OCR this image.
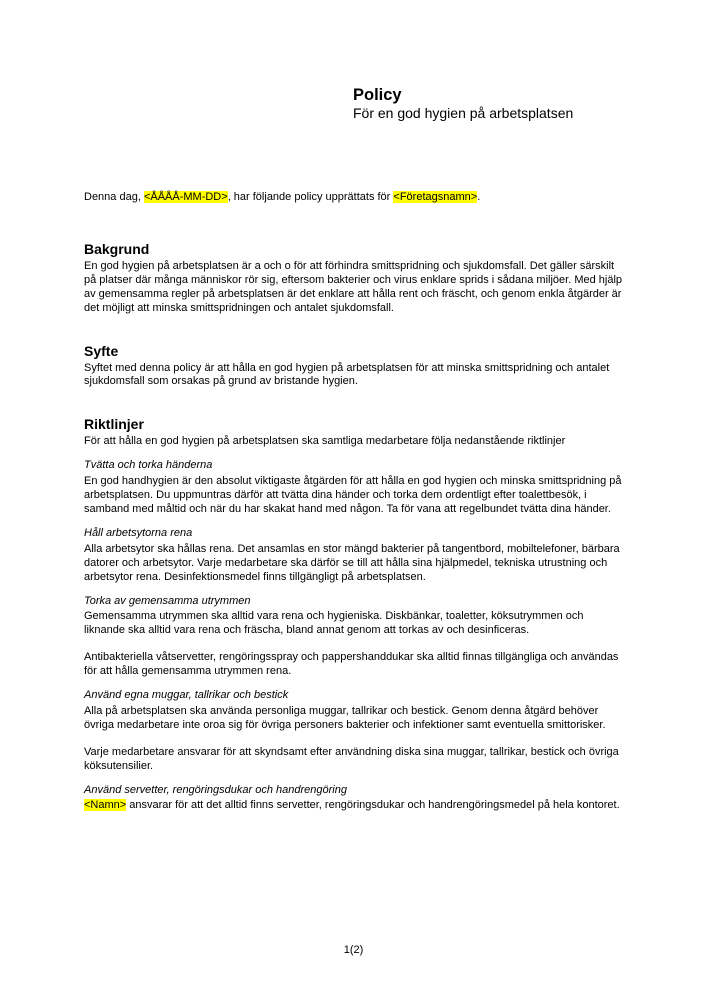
Policy

För en god hygien på arbetsplatsen

Denna dag, <ÅÅÅÅ-MM-DD>, har följande policy upprättats för <Företagsnamn>.

Bakgrund

En god hygien på arbetsplatsen är a och o för att förhindra smittspridning och sjukdomsfall. Det gäller särskilt på platser där många människor rör sig, eftersom bakterier och virus enklare sprids i sådana miljöer. Med hjälp av gemensamma regler på arbetsplatsen är det enklare att hålla rent och fräscht, och genom enkla åtgärder är det möjligt att minska smittspridningen och antalet sjukdomsfall.

Syfte

Syftet med denna policy är att hålla en god hygien på arbetsplatsen för att minska smittspridning och antalet sjukdomsfall som orsakas på grund av bristande hygien.

Riktlinjer

För att hålla en god hygien på arbetsplatsen ska samtliga medarbetare följa nedanstående riktlinjer

Tvätta och torka händerna

En god handhygien är den absolut viktigaste åtgärden för att hålla en god hygien och minska smittspridning på arbetsplatsen. Du uppmuntras därför att tvätta dina händer och torka dem ordentligt efter toalettbesök, i samband med måltid och när du har skakat hand med någon. Ta för vana att regelbundet tvätta dina händer.

Håll arbetsytorna rena

Alla arbetsytor ska hållas rena. Det ansamlas en stor mängd bakterier på tangentbord, mobiltelefoner, bärbara datorer och arbetsytor. Varje medarbetare ska därför se till att hålla sina hjälpmedel, tekniska utrustning och arbetsytor rena. Desinfektionsmedel finns tillgängligt på arbetsplatsen.

Torka av gemensamma utrymmen

Gemensamma utrymmen ska alltid vara rena och hygieniska. Diskbänkar, toaletter, köksutrymmen och liknande ska alltid vara rena och fräscha, bland annat genom att torkas av och desinficeras.

Antibakteriella våtservetter, rengöringsspray och pappershanddukar ska alltid finnas tillgängliga och användas för att hålla gemensamma utrymmen rena.

Använd egna muggar, tallrikar och bestick

Alla på arbetsplatsen ska använda personliga muggar, tallrikar och bestick. Genom denna åtgärd behöver övriga medarbetare inte oroa sig för övriga personers bakterier och infektioner samt eventuella smittorisker.

Varje medarbetare ansvarar för att skyndsamt efter användning diska sina muggar, tallrikar, bestick och övriga köksutensilier.

Använd servetter, rengöringsdukar och handrengöring

<Namn> ansvarar för att det alltid finns servetter, rengöringsdukar och handrengöringsmedel på hela kontoret.

1(2)
